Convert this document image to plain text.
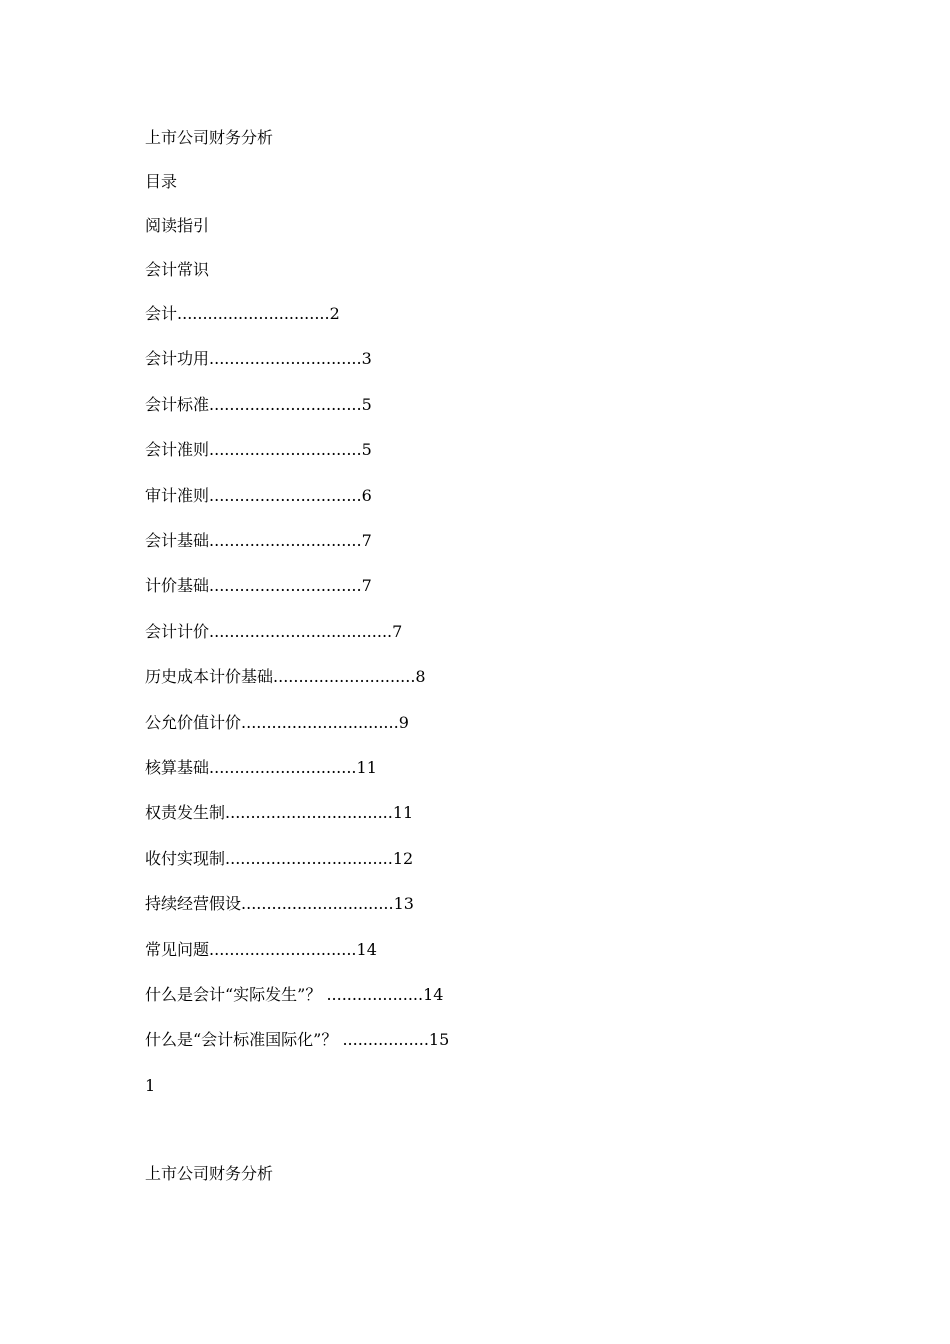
上市公司财务分析
目录
阅读指引
会计常识
会计..............................2
会计功用..............................3
会计标准..............................5
会计准则..............................5
审计准则..............................6
会计基础..............................7
计价基础..............................7
会计计价....................................7
历史成本计价基础............................8
公允价值计价...............................9
核算基础.............................11
权责发生制.................................11
收付实现制.................................12
持续经营假设..............................13
常见问题.............................14
什么是会计“实际发生”？ ...................14
什么是“会计标准国际化”？ .................15
1
上市公司财务分析
